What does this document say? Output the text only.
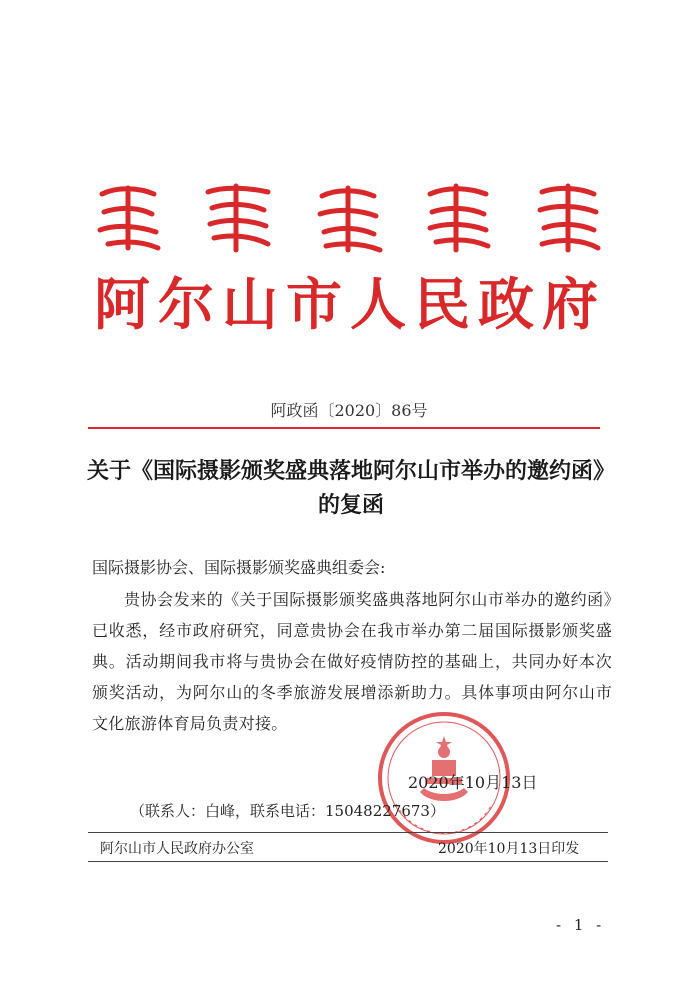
阿尔山市人民政府
阿政函〔2020〕86号
关于《国际摄影颁奖盛典落地阿尔山市举办的邀约函》的复函
国际摄影协会、国际摄影颁奖盛典组委会:
贵协会发来的《关于国际摄影颁奖盛典落地阿尔山市举办的邀约函》已收悉，经市政府研究，同意贵协会在我市举办第二届国际摄影颁奖盛典。活动期间我市将与贵协会在做好疫情防控的基础上，共同办好本次颁奖活动，为阿尔山的冬季旅游发展增添新助力。具体事项由阿尔山市文化旅游体育局负责对接。
2020年10月13日
（联系人：白峰，联系电话：15048227673）
阿尔山市人民政府办公室	2020年10月13日印发
- 1 -
